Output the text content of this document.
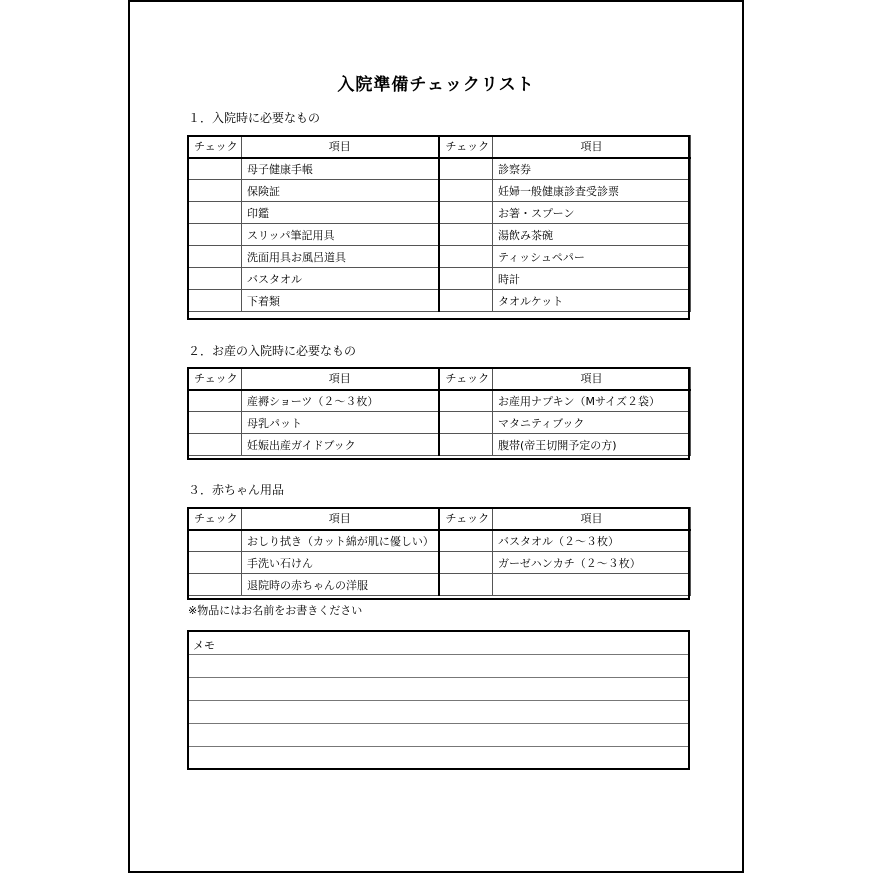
入院準備チェックリスト
１．入院時に必要なもの
チェック	項目	チェック	項目
	母子健康手帳		診察券
	保険証		妊婦一般健康診査受診票
	印鑑		お箸・スプーン
	スリッパ筆記用具		湯飲み茶碗
	洗面用具お風呂道具		ティッシュペパー
	バスタオル		時計
	下着類		タオルケット
２．お産の入院時に必要なもの
チェック	項目	チェック	項目
	産褥ショーツ（２～３枚）		お産用ナプキン（Mサイズ２袋）
	母乳パット		マタニティブック
	妊娠出産ガイドブック		腹帯(帝王切開予定の方)
３．赤ちゃん用品
チェック	項目	チェック	項目
	おしり拭き（カット綿が肌に優しい）		バスタオル（２～３枚）
	手洗い石けん		ガーゼハンカチ（２～３枚）
	退院時の赤ちゃんの洋服		
※物品にはお名前をお書きください
メモ
